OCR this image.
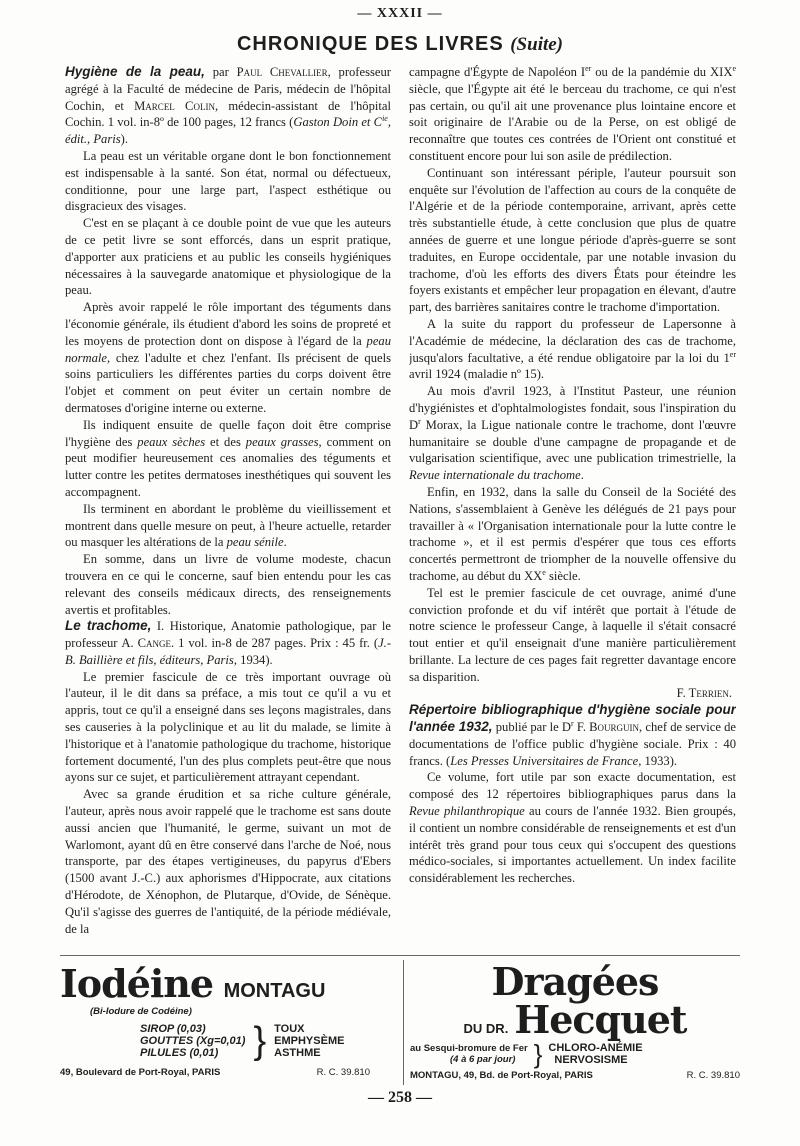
— XXXII —
CHRONIQUE DES LIVRES (Suite)

Hygiène de la peau, par Paul Chevallier, professeur agrégé à la Faculté de médecine de Paris, médecin de l'hôpital Cochin, et Marcel Colin, médecin-assistant de l'hôpital Cochin. 1 vol. in-8º de 100 pages, 12 francs (Gaston Doin et $C^{ie}$, édit., Paris).

La peau est un véritable organe dont le bon fonctionnement est indispensable à la santé. Son état, normal ou défectueux, conditionne, pour une large part, l'aspect esthétique ou disgracieux des visages.

C'est en se plaçant à ce double point de vue que les auteurs de ce petit livre se sont efforcés, dans un esprit pratique, d'apporter aux praticiens et au public les conseils hygiéniques nécessaires à la sauvegarde anatomique et physiologique de la peau.

Après avoir rappelé le rôle important des téguments dans l'économie générale, ils étudient d'abord les soins de propreté et les moyens de protection dont on dispose à l'égard de la peau normale, chez l'adulte et chez l'enfant. Ils précisent de quels soins particuliers les différentes parties du corps doivent être l'objet et comment on peut éviter un certain nombre de dermatoses d'origine interne ou externe.

Ils indiquent ensuite de quelle façon doit être comprise l'hygiène des peaux sèches et des peaux grasses, comment on peut modifier heureusement ces anomalies des téguments et lutter contre les petites dermatoses inesthétiques qui souvent les accompagnent.

Ils terminent en abordant le problème du vieillissement et montrent dans quelle mesure on peut, à l'heure actuelle, retarder ou masquer les altérations de la peau sénile.

En somme, dans un livre de volume modeste, chacun trouvera en ce qui le concerne, sauf bien entendu pour les cas relevant des conseils médicaux directs, des renseignements avertis et profitables.

Le trachome, I. Historique, Anatomie pathologique, par le professeur A. Cange. 1 vol. in-8 de 287 pages. Prix : 45 fr. (J.-B. Baillière et fils, éditeurs, Paris, 1934).

Le premier fascicule de ce très important ouvrage où l'auteur, il le dit dans sa préface, a mis tout ce qu'il a vu et appris, tout ce qu'il a enseigné dans ses leçons magistrales, dans ses causeries à la polyclinique et au lit du malade, se limite à l'historique et à l'anatomie pathologique du trachome, historique fortement documenté, l'un des plus complets peut-être que nous ayons sur ce sujet, et particulièrement attrayant cependant.

Avec sa grande érudition et sa riche culture générale, l'auteur, après nous avoir rappelé que le trachome est sans doute aussi ancien que l'humanité, le germe, suivant un mot de Warlomont, ayant dû en être conservé dans l'arche de Noé, nous transporte, par des étapes vertigineuses, du papyrus d'Ebers (1500 avant J.-C.) aux aphorismes d'Hippocrate, aux citations d'Hérodote, de Xénophon, de Plutarque, d'Ovide, de Sénèque. Qu'il s'agisse des guerres de l'antiquité, de la période médiévale, de la

campagne d'Égypte de Napoléon Ier ou de la pandémie du XIXe siècle, que l'Égypte ait été le berceau du trachome, ce qui n'est pas certain, ou qu'il ait une provenance plus lointaine encore et soit originaire de l'Arabie ou de la Perse, on est obligé de reconnaître que toutes ces contrées de l'Orient ont constitué et constituent encore pour lui son asile de prédilection.

Continuant son intéressant périple, l'auteur poursuit son enquête sur l'évolution de l'affection au cours de la conquête de l'Algérie et de la période contemporaine, arrivant, après cette très substantielle étude, à cette conclusion que plus de quatre années de guerre et une longue période d'après-guerre se sont traduites, en Europe occidentale, par une notable invasion du trachome, d'où les efforts des divers États pour éteindre les foyers existants et empêcher leur propagation en élevant, d'autre part, des barrières sanitaires contre le trachome d'importation.

A la suite du rapport du professeur de Lapersonne à l'Académie de médecine, la déclaration des cas de trachome, jusqu'alors facultative, a été rendue obligatoire par la loi du 1er avril 1924 (maladie nº 15).

Au mois d'avril 1923, à l'Institut Pasteur, une réunion d'hygiénistes et d'ophtalmologistes fondait, sous l'inspiration du $D^r$ Morax, la Ligue nationale contre le trachome, dont l'œuvre humanitaire se double d'une campagne de propagande et de vulgarisation scientifique, avec une publication trimestrielle, la Revue internationale du trachome.

Enfin, en 1932, dans la salle du Conseil de la Société des Nations, s'assemblaient à Genève les délégués de 21 pays pour travailler à « l'Organisation internationale pour la lutte contre le trachome », et il est permis d'espérer que tous ces efforts concertés permettront de triompher de la nouvelle offensive du trachome, au début du XXe siècle.

Tel est le premier fascicule de cet ouvrage, animé d'une conviction profonde et du vif intérêt que portait à l'étude de notre science le professeur Cange, à laquelle il s'était consacré tout entier et qu'il enseignait d'une manière particulièrement brillante. La lecture de ces pages fait regretter davantage encore sa disparition.

F. Terrien.

Répertoire bibliographique d'hygiène sociale pour l'année 1932, publié par le $D^r$ F. Bourguin, chef de service de documentations de l'office public d'hygiène sociale. Prix : 40 francs. (Les Presses Universitaires de France, 1933).

Ce volume, fort utile par son exacte documentation, est composé des 12 répertoires bibliographiques parus dans la Revue philanthropique au cours de l'année 1932. Bien groupés, il contient un nombre considérable de renseignements et est d'un intérêt très grand pour tous ceux qui s'occupent des questions médico-sociales, si importantes actuellement. Un index facilite considérablement les recherches.

Iodéine MONTAGU
(Bi-Iodure de Codéine)
SIROP (0,03)
GOUTTES (Xg=0,01)
PILULES (0,01) } TOUX
EMPHYSÈME
ASTHME
49, Boulevard de Port-Royal, PARIS	R. C. 39.810
Dragées
DU DR. Hecquet
au Sesqui-bromure de Fer
(4 à 6 par jour) } CHLORO-ANÉMIE
NERVOSISME
MONTAGU, 49, Bd. de Port-Royal, PARIS	R. C. 39.810
— 258 —
